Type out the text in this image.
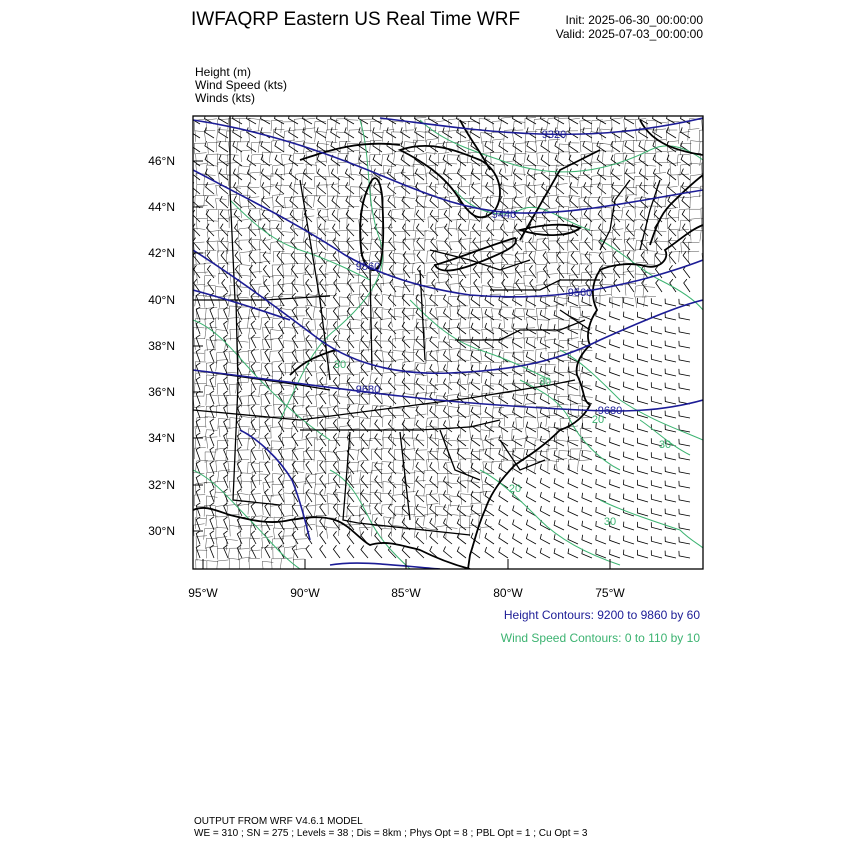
IWFAQRP Eastern US Real Time WRF	Init: 2025-06-30_00:00:00
Valid: 2025-07-03_00:00:00
Height (m)
Wind Speed (kts)
Winds (kts)
9320
9440
9560
9560
9680
9680
30
30
30
20
20
30
46°N
44°N
42°N
40°N
38°N
36°N
34°N
32°N
30°N
95°W	90°W	85°W	80°W	75°W
Height Contours: 9200 to 9860 by 60
Wind Speed Contours: 0 to 110 by 10
OUTPUT FROM WRF V4.6.1 MODEL
WE = 310 ; SN = 275 ; Levels = 38 ; Dis = 8km ; Phys Opt = 8 ; PBL Opt = 1 ; Cu Opt = 3
